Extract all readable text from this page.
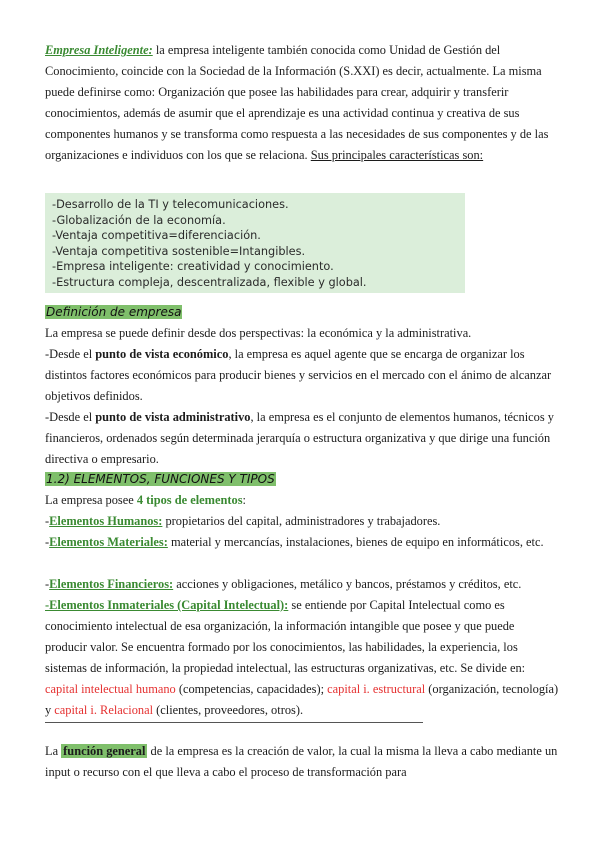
Empresa Inteligente: la empresa inteligente también conocida como Unidad de Gestión del Conocimiento, coincide con la Sociedad de la Información (S.XXI) es decir, actualmente. La misma puede definirse como: Organización que posee las habilidades para crear, adquirir y transferir conocimientos, además de asumir que el aprendizaje es una actividad continua y creativa de sus componentes humanos y se transforma como respuesta a las necesidades de sus componentes y de las organizaciones e individuos con los que se relaciona. Sus principales características son:

-Desarrollo de la TI y telecomunicaciones.
-Globalización de la economía.
-Ventaja competitiva=diferenciación.
-Ventaja competitiva sostenible=Intangibles.
-Empresa inteligente: creatividad y conocimiento.
-Estructura compleja, descentralizada, flexible y global.

Definición de empresa

La empresa se puede definir desde dos perspectivas: la económica y la administrativa.

-Desde el punto de vista económico, la empresa es aquel agente que se encarga de organizar los distintos factores económicos para producir bienes y servicios en el mercado con el ánimo de alcanzar objetivos definidos.

-Desde el punto de vista administrativo, la empresa es el conjunto de elementos humanos, técnicos y financieros, ordenados según determinada jerarquía o estructura organizativa y que dirige una función directiva o empresario.

1.2) ELEMENTOS, FUNCIONES Y TIPOS

La empresa posee 4 tipos de elementos:

-Elementos Humanos: propietarios del capital, administradores y trabajadores.

-Elementos Materiales: material y mercancías, instalaciones, bienes de equipo en informáticos, etc.

-Elementos Financieros: acciones y obligaciones, metálico y bancos, préstamos y créditos, etc.

-Elementos Inmateriales (Capital Intelectual): se entiende por Capital Intelectual como es conocimiento intelectual de esa organización, la información intangible que posee y que puede producir valor. Se encuentra formado por los conocimientos, las habilidades, la experiencia, los sistemas de información, la propiedad intelectual, las estructuras organizativas, etc. Se divide en: capital intelectual humano (competencias, capacidades); capital i. estructural (organización, tecnología) y capital i. Relacional (clientes, proveedores, otros).

La función general de la empresa es la creación de valor, la cual la misma la lleva a cabo mediante un input o recurso con el que lleva a cabo el proceso de transformación para
